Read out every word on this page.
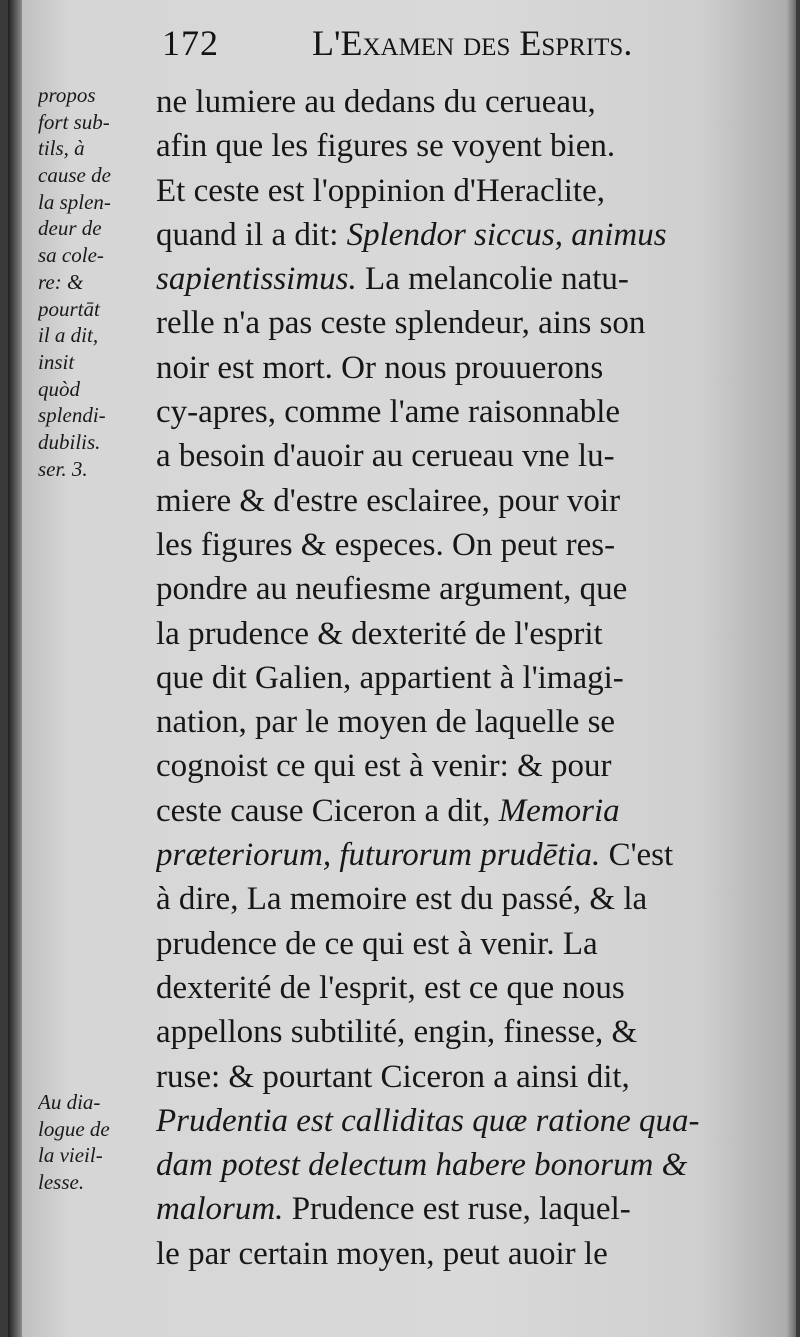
172	L'Examen des Esprits.
propos
fort sub-
tils, à
cause de
la splen-
deur de
sa cole-
re: &
pourtāt
il a dit,
insit
quòd
splendi-
dubilis.
ser. 3.
Au dia-
logue de
la vieil-
lesse.
ne lumiere au dedans du cerueau,
afin que les figures se voyent bien.
Et ceste est l'oppinion d'Heraclite,
quand il a dit: Splendor siccus, animus
sapientissimus. La melancolie natu-
relle n'a pas ceste splendeur, ains son
noir est mort. Or nous prouuerons
cy-apres, comme l'ame raisonnable
a besoin d'auoir au cerueau vne lu-
miere & d'estre esclairee, pour voir
les figures & especes. On peut res-
pondre au neufiesme argument, que
la prudence & dexterité de l'esprit
que dit Galien, appartient à l'imagi-
nation, par le moyen de laquelle se
cognoist ce qui est à venir: & pour
ceste cause Ciceron a dit, Memoria
præteriorum, futurorum prudētia. C'est
à dire, La memoire est du passé, & la
prudence de ce qui est à venir. La
dexterité de l'esprit, est ce que nous
appellons subtilité, engin, finesse, &
ruse: & pourtant Ciceron a ainsi dit,
Prudentia est calliditas quæ ratione qua-
dam potest delectum habere bonorum &
malorum. Prudence est ruse, laquel-
le par certain moyen, peut auoir le
